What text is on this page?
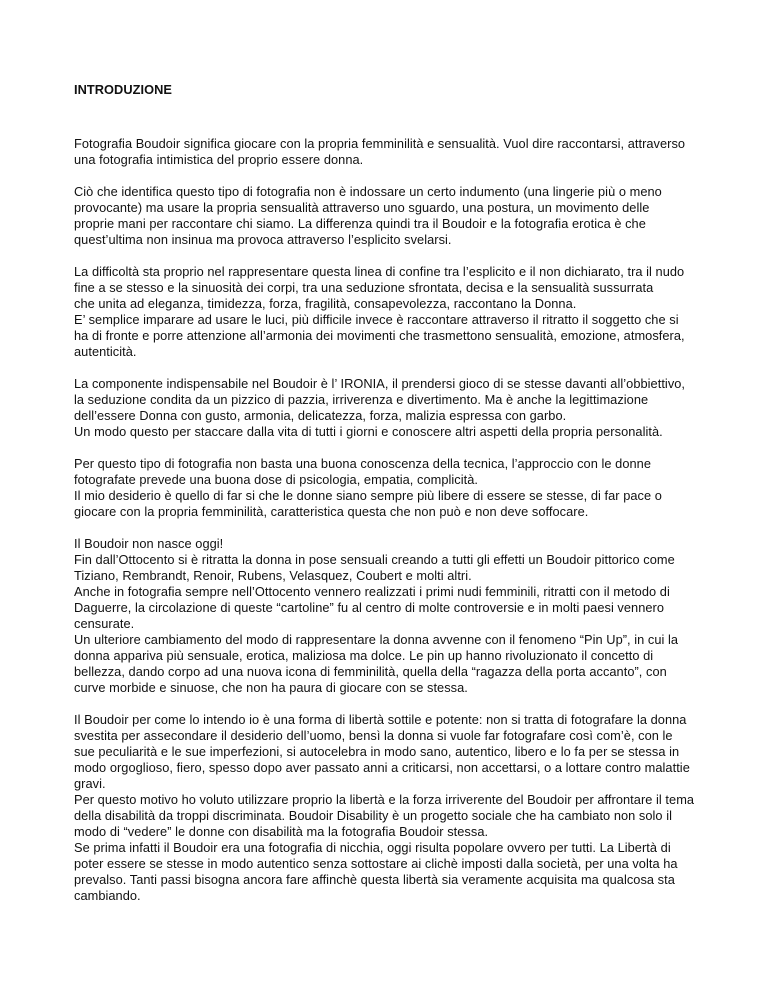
INTRODUZIONE
Fotografia Boudoir significa giocare con la propria femminilità e sensualità. Vuol dire raccontarsi, attraverso
una fotografia intimistica del proprio essere donna.
Ciò che identifica questo tipo di fotografia non è indossare un certo indumento (una lingerie più o meno
provocante) ma usare la propria sensualità attraverso uno sguardo, una postura, un movimento delle
proprie mani per raccontare chi siamo. La differenza quindi tra il Boudoir e la fotografia erotica è che
quest’ultima non insinua ma provoca attraverso l’esplicito svelarsi.
La difficoltà sta proprio nel rappresentare questa linea di confine tra l’esplicito e il non dichiarato, tra il nudo
fine a se stesso e la sinuosità dei corpi, tra una seduzione sfrontata, decisa e la sensualità sussurrata
che unita ad eleganza, timidezza, forza, fragilità, consapevolezza, raccontano la Donna.
E’ semplice imparare ad usare le luci, più difficile invece è raccontare attraverso il ritratto il soggetto che si
ha di fronte e porre attenzione all’armonia dei movimenti che trasmettono sensualità, emozione, atmosfera,
autenticità.
La componente indispensabile nel Boudoir è l’ IRONIA, il prendersi gioco di se stesse davanti all’obbiettivo,
la seduzione condita da un pizzico di pazzia, irriverenza e divertimento. Ma è anche la legittimazione
dell’essere Donna con gusto, armonia, delicatezza, forza, malizia espressa con garbo.
Un modo questo per staccare dalla vita di tutti i giorni e conoscere altri aspetti della propria personalità.
Per questo tipo di fotografia non basta una buona conoscenza della tecnica, l’approccio con le donne
fotografate prevede una buona dose di psicologia, empatia, complicità.
Il mio desiderio è quello di far si che le donne siano sempre più libere di essere se stesse, di far pace o
giocare con la propria femminilità, caratteristica questa che non può e non deve soffocare.
Il Boudoir non nasce oggi!
Fin dall’Ottocento si è ritratta la donna in pose sensuali creando a tutti gli effetti un Boudoir pittorico come
Tiziano, Rembrandt, Renoir, Rubens, Velasquez, Coubert e molti altri.
Anche in fotografia sempre nell’Ottocento vennero realizzati i primi nudi femminili, ritratti con il metodo di
Daguerre, la circolazione di queste “cartoline” fu al centro di molte controversie e in molti paesi vennero
censurate.
Un ulteriore cambiamento del modo di rappresentare la donna avvenne con il fenomeno “Pin Up”, in cui la
donna appariva più sensuale, erotica, maliziosa ma dolce. Le pin up hanno rivoluzionato il concetto di
bellezza, dando corpo ad una nuova icona di femminilità, quella della “ragazza della porta accanto”, con
curve morbide e sinuose, che non ha paura di giocare con se stessa.
Il Boudoir per come lo intendo io è una forma di libertà sottile e potente: non si tratta di fotografare la donna
svestita per assecondare il desiderio dell’uomo, bensì la donna si vuole far fotografare così com’è, con le
sue peculiarità e le sue imperfezioni, si autocelebra in modo sano, autentico, libero e lo fa per se stessa in
modo orgoglioso, fiero, spesso dopo aver passato anni a criticarsi, non accettarsi, o a lottare contro malattie
gravi.
Per questo motivo ho voluto utilizzare proprio la libertà e la forza irriverente del Boudoir per affrontare il tema
della disabilità da troppi discriminata. Boudoir Disability è un progetto sociale che ha cambiato non solo il
modo di “vedere” le donne con disabilità ma la fotografia Boudoir stessa.
Se prima infatti il Boudoir era una fotografia di nicchia, oggi risulta popolare ovvero per tutti. La Libertà di
poter essere se stesse in modo autentico senza sottostare ai clichè imposti dalla società, per una volta ha
prevalso. Tanti passi bisogna ancora fare affinchè questa libertà sia veramente acquisita ma qualcosa sta
cambiando.
